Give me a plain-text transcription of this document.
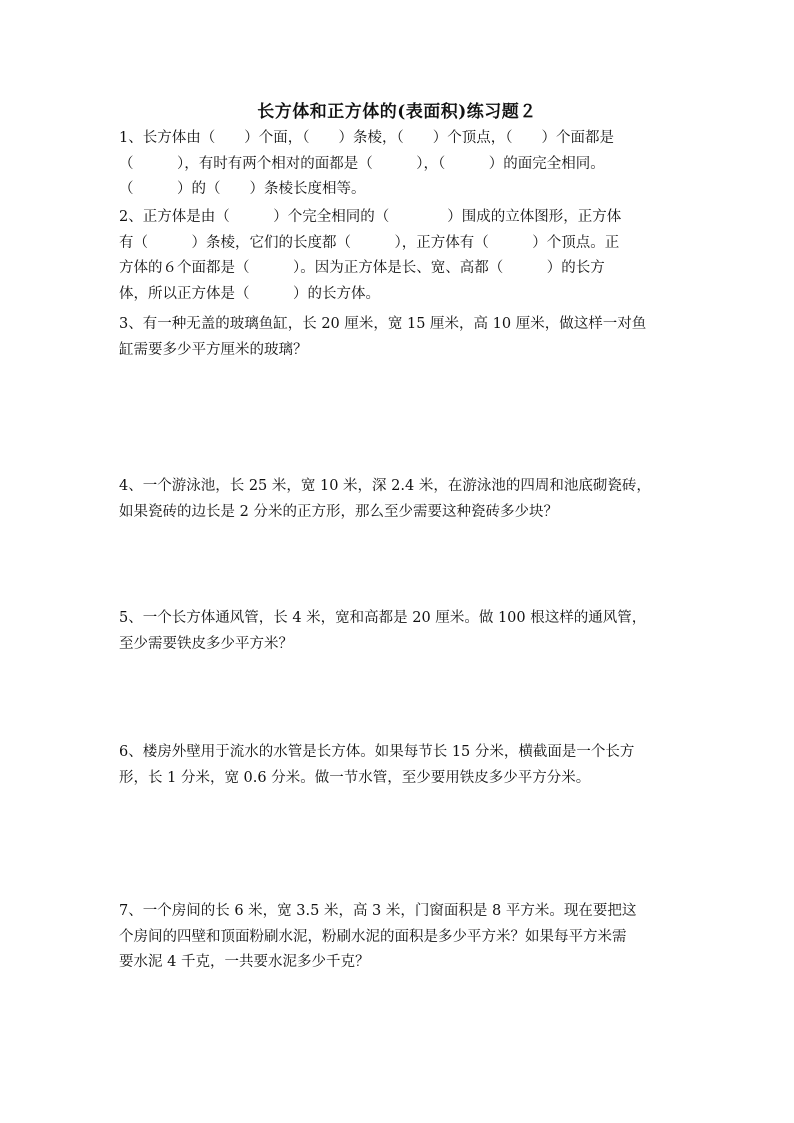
长方体和正方体的(表面积)练习题２
1、长方体由（　　）个面，（　　）条棱，（　　）个顶点，（　　）个面都是
（　　　），有时有两个相对的面都是（　　　），（　　　）的面完全相同。
（　　　）的（　　）条棱长度相等。
2、正方体是由（　　　）个完全相同的（　　　　）围成的立体图形，正方体
有（　　　）条棱，它们的长度都（　　　），正方体有（　　　）个顶点。正
方体的６个面都是（　　　）。因为正方体是长、宽、高都（　　　）的长方
体，所以正方体是（　　　）的长方体。
3、有一种无盖的玻璃鱼缸，长 20 厘米，宽 15 厘米，高 10 厘米，做这样一对鱼
缸需要多少平方厘米的玻璃？
4、一个游泳池，长 25 米，宽 10 米，深 2.4 米，在游泳池的四周和池底砌瓷砖，
如果瓷砖的边长是 2 分米的正方形，那么至少需要这种瓷砖多少块？
5、一个长方体通风管，长 4 米，宽和高都是 20 厘米。做 100 根这样的通风管，
至少需要铁皮多少平方米？
6、楼房外壁用于流水的水管是长方体。如果每节长 15 分米，横截面是一个长方
形，长 1 分米，宽 0.6 分米。做一节水管，至少要用铁皮多少平方分米。
7、一个房间的长 6 米，宽 3.5 米，高 3 米，门窗面积是 8 平方米。现在要把这
个房间的四壁和顶面粉刷水泥，粉刷水泥的面积是多少平方米？如果每平方米需
要水泥 4 千克，一共要水泥多少千克？
